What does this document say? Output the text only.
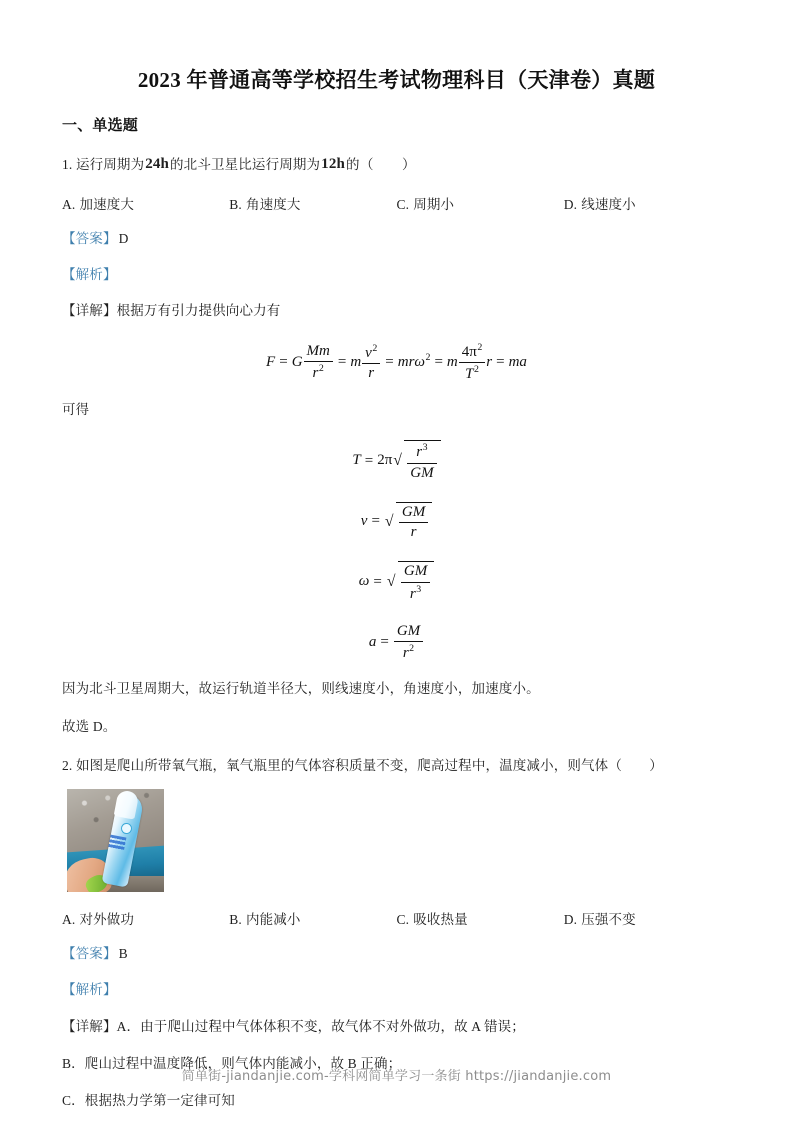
2023 年普通高等学校招生考试物理科目（天津卷）真题
一、单选题
1. 运行周期为24h的北斗卫星比运行周期为12h的（　　）
A. 加速度大	B. 角速度大	C. 周期小	D. 线速度小
【答案】 D
【解析】
【详解】根据万有引力提供向心力有
F = G $\frac{Mm}{r^2} = m \frac{v^2}{r} = mr\omega^2 = m \frac{4\pi^2}{T^2}$ r = ma
可得
T = 2π √ $\frac{r^3}{GM}$
v = √ $\frac{GM}{r}$
ω = √ $\frac{GM}{r^3}$
$a = \frac{GM}{r^2}$
因为北斗卫星周期大，故运行轨道半径大，则线速度小，角速度小，加速度小。
故选 D。
2. 如图是爬山所带氧气瓶，氧气瓶里的气体容积质量不变，爬高过程中，温度减小，则气体（　　）
A. 对外做功	B. 内能减小	C. 吸收热量	D. 压强不变
【答案】 B
【解析】
【详解】A．由于爬山过程中气体体积不变，故气体不对外做功，故 A 错误；
B．爬山过程中温度降低，则气体内能减小，故 B 正确；
C．根据热力学第一定律可知
简单街-jiandanjie.com-学科网简单学习一条街 https://jiandanjie.com
